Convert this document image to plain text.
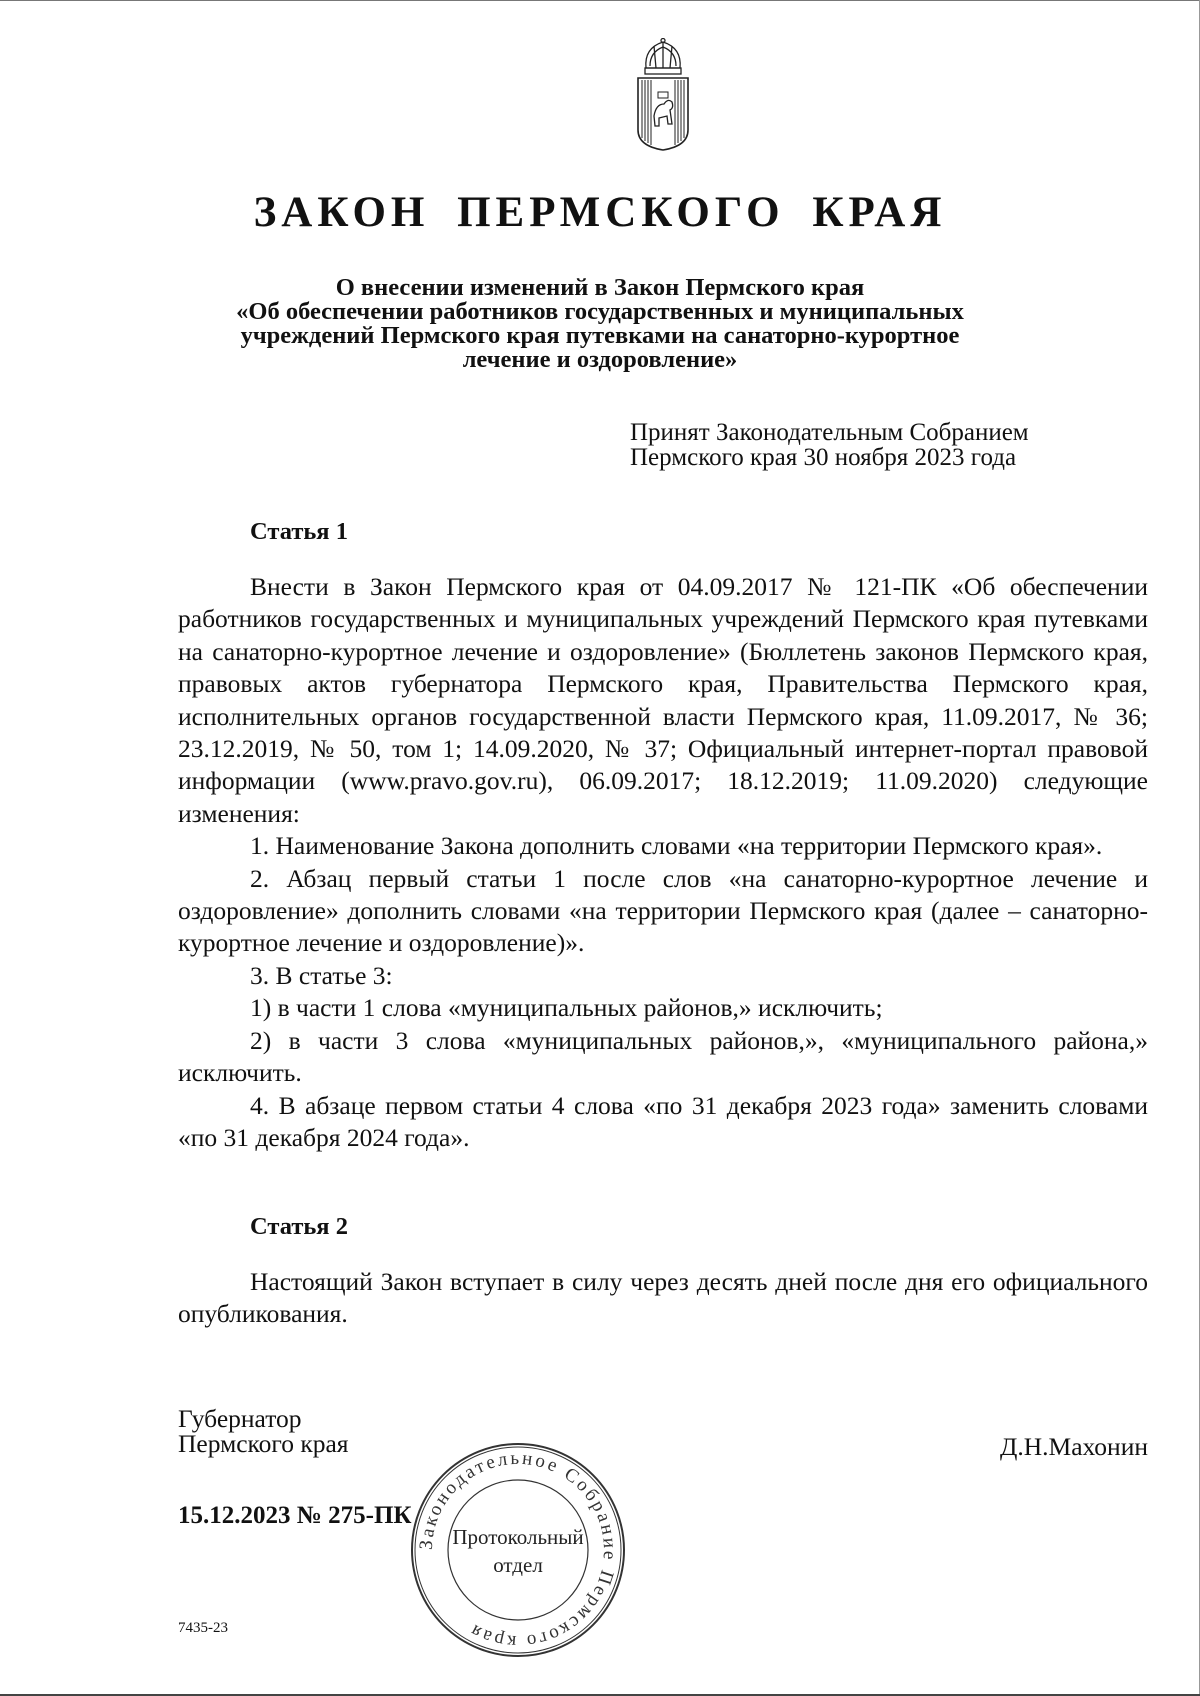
ЗАКОН ПЕРМСКОГО КРАЯ
О внесении изменений в Закон Пермского края
«Об обеспечении работников государственных и муниципальных
учреждений Пермского края путевками на санаторно-курортное
лечение и оздоровление»
Принят Законодательным Собранием
Пермского края 30 ноября 2023 года
Статья 1

Внести в Закон Пермского края от 04.09.2017 № 121-ПК «Об обеспечении работников государственных и муниципальных учреждений Пермского края путевками на санаторно-курортное лечение и оздоровление» (Бюллетень законов Пермского края, правовых актов губернатора Пермского края, Правительства Пермского края, исполнительных органов государственной власти Пермского края, 11.09.2017, № 36; 23.12.2019, № 50, том 1; 14.09.2020, № 37; Официальный интернет-портал правовой информации (www.pravo.gov.ru), 06.09.2017; 18.12.2019; 11.09.2020) следующие изменения:

1. Наименование Закона дополнить словами «на территории Пермского края».

2. Абзац первый статьи 1 после слов «на санаторно-курортное лечение и оздоровление» дополнить словами «на территории Пермского края (далее – санаторно-курортное лечение и оздоровление)».

3. В статье 3:

1) в части 1 слова «муниципальных районов,» исключить;

2) в части 3 слова «муниципальных районов,», «муниципального района,» исключить.

4. В абзаце первом статьи 4 слова «по 31 декабря 2023 года» заменить словами «по 31 декабря 2024 года».

Статья 2

Настоящий Закон вступает в силу через десять дней после дня его официального опубликования.

Губернатор
Пермского края	Д.Н.Махонин
15.12.2023 № 275-ПК
7435-23
Законодательное Собрание Пермского края
Протокольный
отдел
